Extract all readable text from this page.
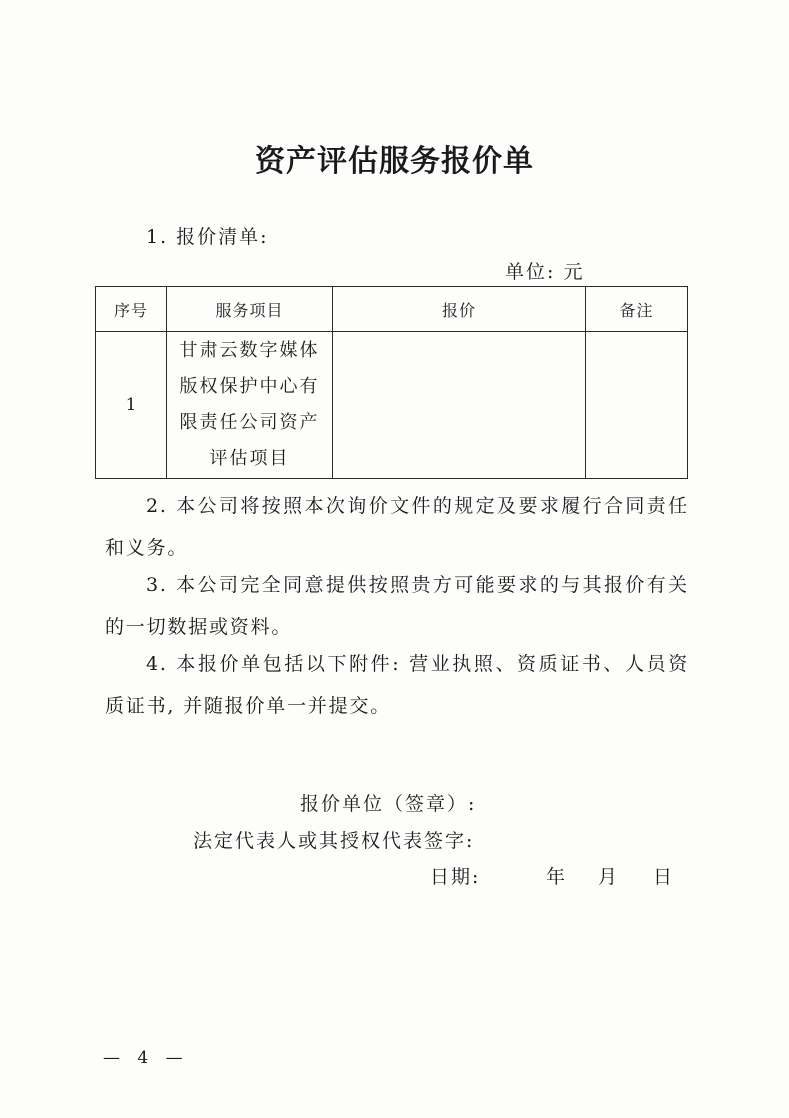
资产评估服务报价单
1. 报价清单:
单位: 元
序号	服务项目	报价	备注
1	甘肃云数字媒体版权保护中心有限责任公司资产评估项目		

2. 本公司将按照本次询价文件的规定及要求履行合同责任和义务。
3. 本公司完全同意提供按照贵方可能要求的与其报价有关的一切数据或资料。
4. 本报价单包括以下附件: 营业执照、资质证书、人员资质证书, 并随报价单一并提交。
报价单位（签章）:
法定代表人或其授权代表签字:
日期:	年 月 日
— 4 —
